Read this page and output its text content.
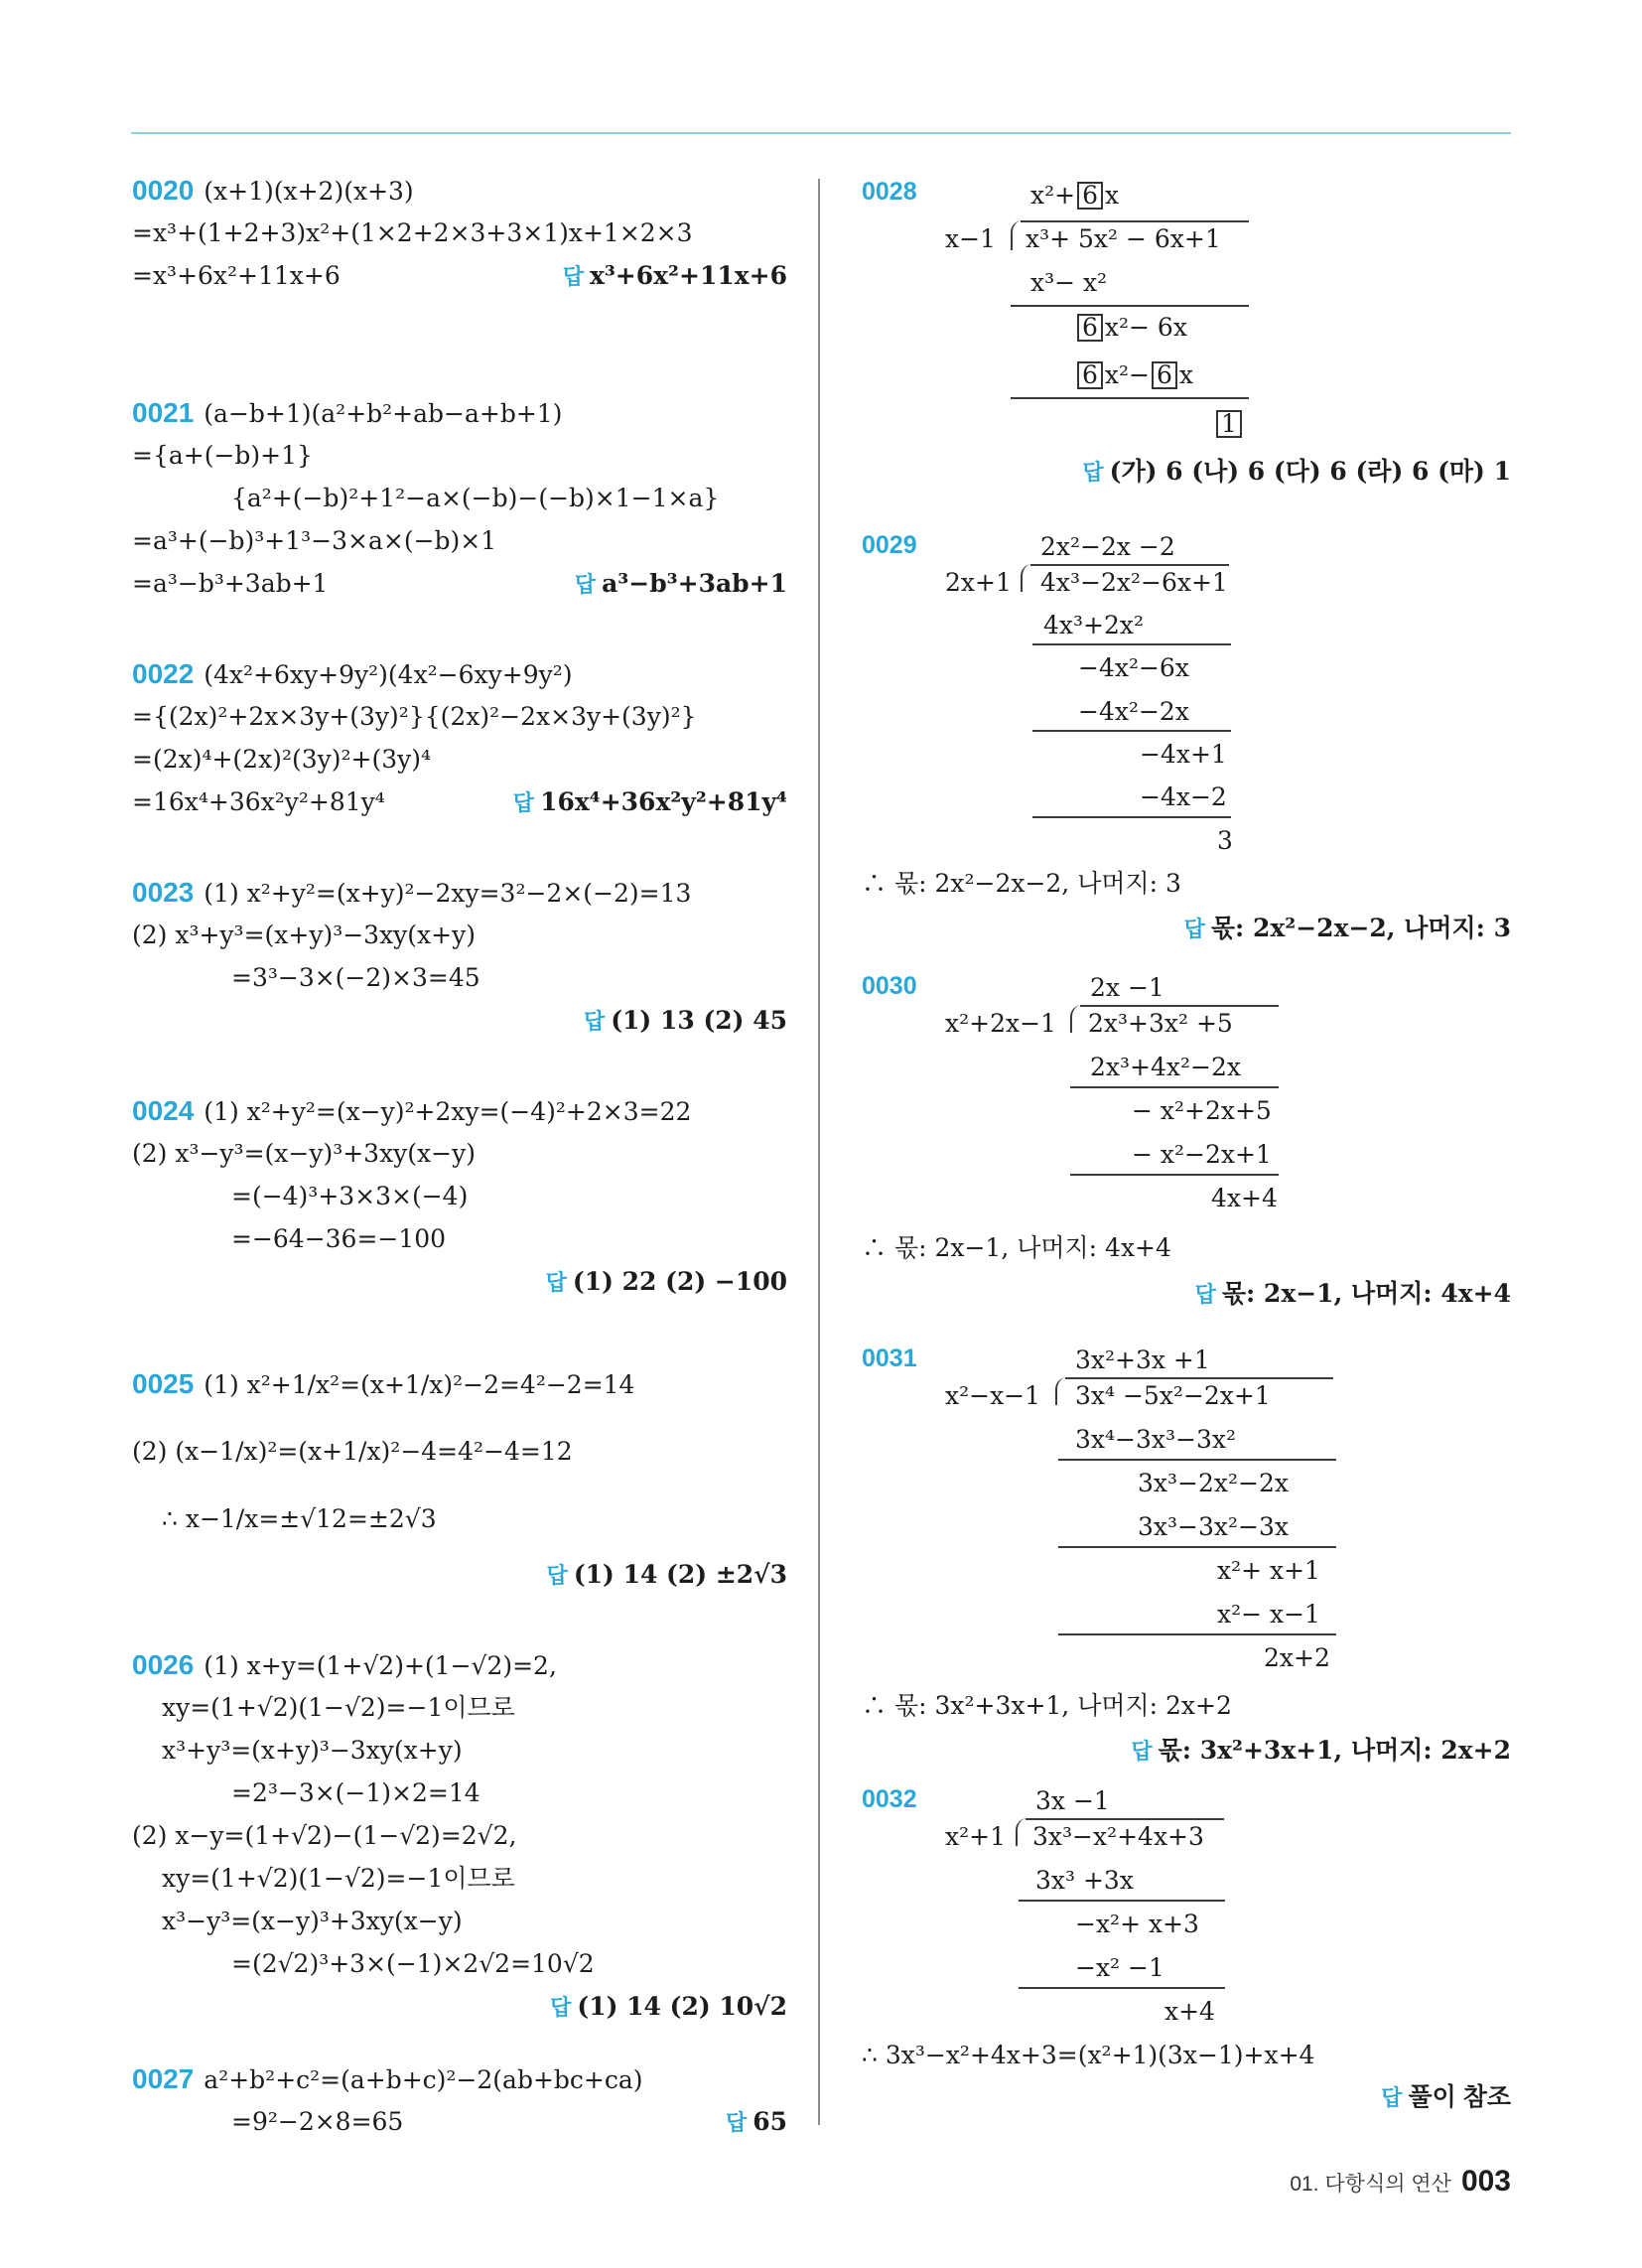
0020 (x+1)(x+2)(x+3)
=x³+(1+2+3)x²+(1×2+2×3+3×1)x+1×2×3
=x³+6x²+11x+6	답 x³+6x²+11x+6
0021 (a−b+1)(a²+b²+ab−a+b+1)
={a+(−b)+1}
{a²+(−b)²+1²−a×(−b)−(−b)×1−1×a}
=a³+(−b)³+1³−3×a×(−b)×1
=a³−b³+3ab+1	답 a³−b³+3ab+1
0022 (4x²+6xy+9y²)(4x²−6xy+9y²)
={(2x)²+2x×3y+(3y)²}{(2x)²−2x×3y+(3y)²}
=(2x)⁴+(2x)²(3y)²+(3y)⁴
=16x⁴+36x²y²+81y⁴	답 16x⁴+36x²y²+81y⁴
0023 (1) x²+y²=(x+y)²−2xy=3²−2×(−2)=13
(2) x³+y³=(x+y)³−3xy(x+y)
=3³−3×(−2)×3=45
답 (1) 13 (2) 45
0024 (1) x²+y²=(x−y)²+2xy=(−4)²+2×3=22
(2) x³−y³=(x−y)³+3xy(x−y)
=(−4)³+3×3×(−4)
=−64−36=−100
답 (1) 22 (2) −100
0025 (1) x²+1/x²=(x+1/x)²−2=4²−2=14
(2) (x−1/x)²=(x+1/x)²−4=4²−4=12
∴ x−1/x=±√12=±2√3
답 (1) 14 (2) ±2√3
0026 (1) x+y=(1+√2)+(1−√2)=2,
xy=(1+√2)(1−√2)=−1이므로
x³+y³=(x+y)³−3xy(x+y)
=2³−3×(−1)×2=14
(2) x−y=(1+√2)−(1−√2)=2√2,
xy=(1+√2)(1−√2)=−1이므로
x³−y³=(x−y)³+3xy(x−y)
=(2√2)³+3×(−1)×2√2=10√2
답 (1) 14 (2) 10√2
0027 a²+b²+c²=(a+b+c)²−2(ab+bc+ca)
=9²−2×8=65	답 65
0028	x²+ 6 x
x−1 x³+ 5x² − 6x+1
x³− x²
6 x²− 6x
6 x²− 6 x
1
답 (가) 6 (나) 6 (다) 6 (라) 6 (마) 1
0029	2x²−2x −2
2x+1 4x³−2x²−6x+1
4x³+2x²
−4x²−6x
−4x²−2x
−4x+1
−4x−2
3
∴ 몫: 2x²−2x−2, 나머지: 3
답 몫: 2x²−2x−2, 나머지: 3
0030	2x −1
x²+2x−1 2x³+3x² +5
2x³+4x²−2x
− x²+2x+5
− x²−2x+1
4x+4
∴ 몫: 2x−1, 나머지: 4x+4
답 몫: 2x−1, 나머지: 4x+4
0031	3x²+3x +1
x²−x−1 3x⁴ −5x²−2x+1
3x⁴−3x³−3x²
3x³−2x²−2x
3x³−3x²−3x
x²+ x+1
x²− x−1
2x+2
∴ 몫: 3x²+3x+1, 나머지: 2x+2
답 몫: 3x²+3x+1, 나머지: 2x+2
0032	3x −1
x²+1 3x³−x²+4x+3
3x³ +3x
−x²+ x+3
−x² −1
x+4
∴ 3x³−x²+4x+3=(x²+1)(3x−1)+x+4
답 풀이 참조
01. 다항식의 연산 003
